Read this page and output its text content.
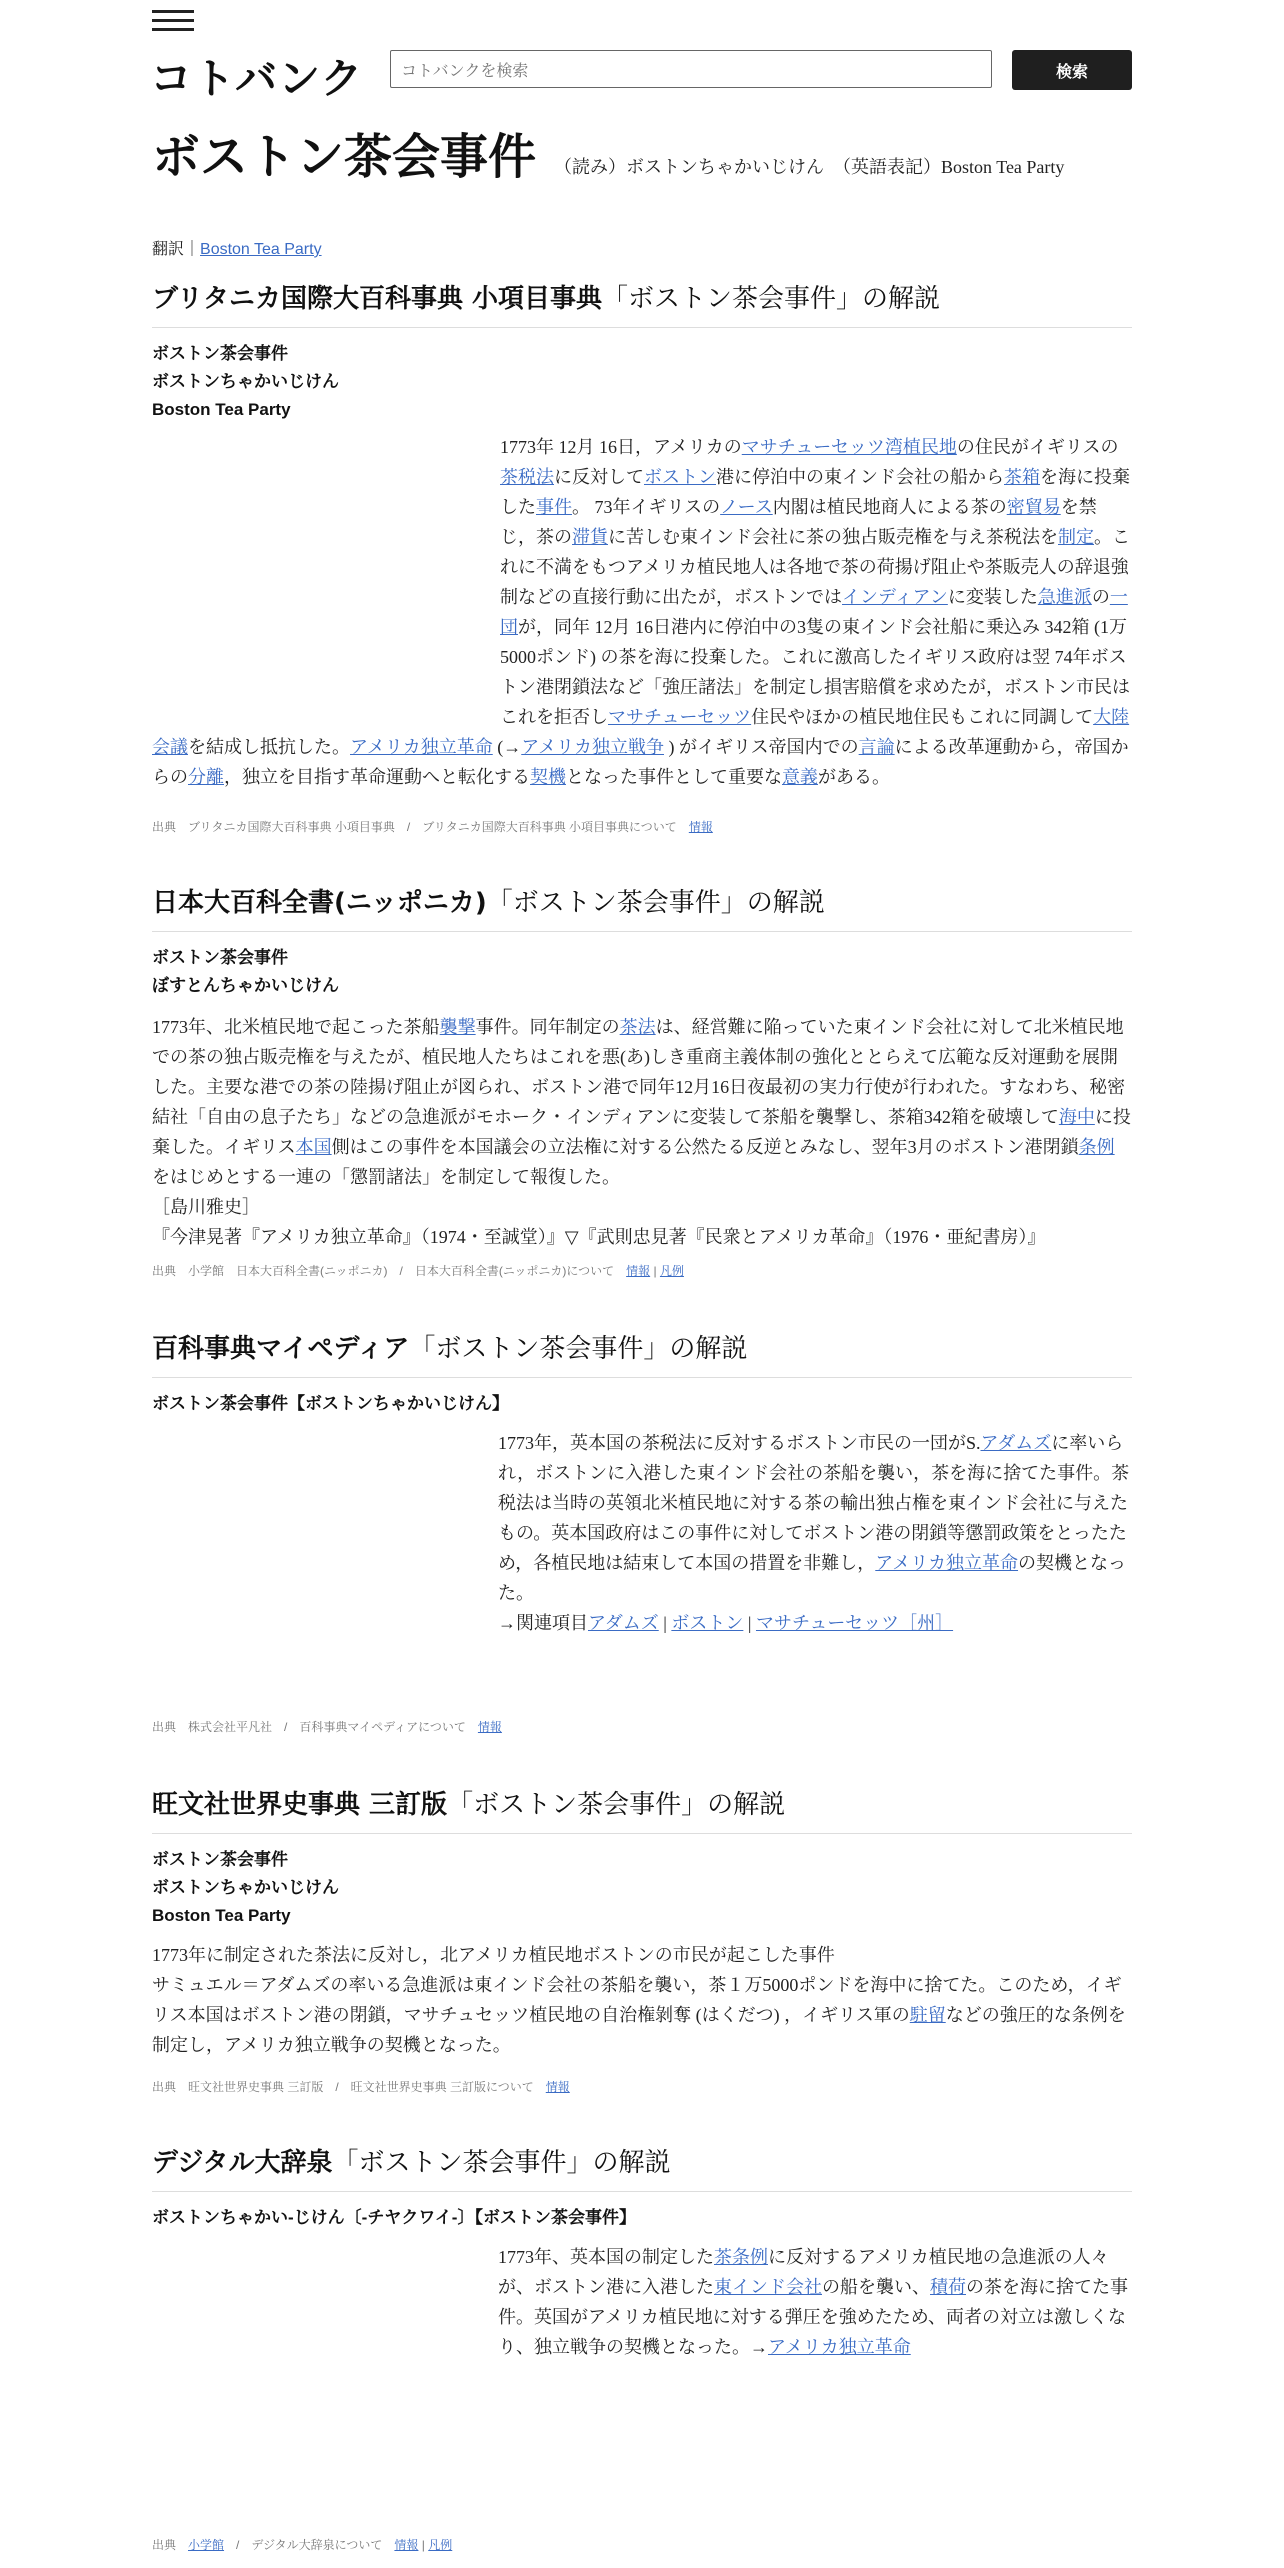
コトバンク	コトバンクを検索	検索
ボストン茶会事件 （読み）ボストンちゃかいじけん　（英語表記）Boston Tea Party
翻訳｜Boston Tea Party
ブリタニカ国際大百科事典 小項目事典「ボストン茶会事件」の解説
ボストン茶会事件
ボストンちゃかいじけん
Boston Tea Party
1773年 12月 16日，アメリカのマサチューセッツ湾植民地の住民がイギリスの茶税法に反対してボストン港に停泊中の東インド会社の船から茶箱を海に投棄した事件。 73年イギリスのノース内閣は植民地商人による茶の密貿易を禁じ，茶の滞貨に苦しむ東インド会社に茶の独占販売権を与え茶税法を制定。これに不満をもつアメリカ植民地人は各地で茶の荷揚げ阻止や茶販売人の辞退強制などの直接行動に出たが，ボストンではインディアンに変装した急進派の一団が，同年 12月 16日港内に停泊中の3隻の東インド会社船に乗込み 342箱 (1万5000ポンド) の茶を海に投棄した。これに激高したイギリス政府は翌 74年ボストン港閉鎖法など「強圧諸法」を制定し損害賠償を求めたが，ボストン市民はこれを拒否しマサチューセッツ住民やほかの植民地住民もこれに同調して大陸会議を結成し抵抗した。アメリカ独立革命 (→アメリカ独立戦争 ) がイギリス帝国内での言論による改革運動から，帝国からの分離，独立を目指す革命運動へと転化する契機となった事件として重要な意義がある。
出典　ブリタニカ国際大百科事典 小項目事典　/　ブリタニカ国際大百科事典 小項目事典について　情報
日本大百科全書(ニッポニカ)「ボストン茶会事件」の解説
ボストン茶会事件
ぼすとんちゃかいじけん
1773年、北米植民地で起こった茶船襲撃事件。同年制定の茶法は、経営難に陥っていた東インド会社に対して北米植民地での茶の独占販売権を与えたが、植民地人たちはこれを悪(あ)しき重商主義体制の強化ととらえて広範な反対運動を展開した。主要な港での茶の陸揚げ阻止が図られ、ボストン港で同年12月16日夜最初の実力行使が行われた。すなわち、秘密結社「自由の息子たち」などの急進派がモホーク・インディアンに変装して茶船を襲撃し、茶箱342箱を破壊して海中に投棄した。イギリス本国側はこの事件を本国議会の立法権に対する公然たる反逆とみなし、翌年3月のボストン港閉鎖条例をはじめとする一連の「懲罰諸法」を制定して報復した。
［島川雅史］
『今津晃著『アメリカ独立革命』（1974・至誠堂）』▽『武則忠見著『民衆とアメリカ革命』（1976・亜紀書房）』
出典　小学館　日本大百科全書(ニッポニカ)　/　日本大百科全書(ニッポニカ)について　情報 | 凡例
百科事典マイペディア「ボストン茶会事件」の解説
ボストン茶会事件【ボストンちゃかいじけん】
1773年，英本国の茶税法に反対するボストン市民の一団がS.アダムズに率いられ，ボストンに入港した東インド会社の茶船を襲い，茶を海に捨てた事件。茶税法は当時の英領北米植民地に対する茶の輸出独占権を東インド会社に与えたもの。英本国政府はこの事件に対してボストン港の閉鎖等懲罰政策をとったため，各植民地は結束して本国の措置を非難し，アメリカ独立革命の契機となった。
→関連項目アダムズ | ボストン | マサチューセッツ［州］
出典　株式会社平凡社　/　百科事典マイペディアについて　情報
旺文社世界史事典 三訂版「ボストン茶会事件」の解説
ボストン茶会事件
ボストンちゃかいじけん
Boston Tea Party
1773年に制定された茶法に反対し，北アメリカ植民地ボストンの市民が起こした事件
サミュエル＝アダムズの率いる急進派は東インド会社の茶船を襲い，茶１万5000ポンドを海中に捨てた。このため，イギリス本国はボストン港の閉鎖，マサチュセッツ植民地の自治権剝奪 (はくだつ) ，イギリス軍の駐留などの強圧的な条例を制定し，アメリカ独立戦争の契機となった。
出典　旺文社世界史事典 三訂版　/　旺文社世界史事典 三訂版について　情報
デジタル大辞泉「ボストン茶会事件」の解説
ボストンちゃかい‐じけん〔‐チヤクワイ‐〕【ボストン茶会事件】
1773年、英本国の制定した茶条例に反対するアメリカ植民地の急進派の人々が、ボストン港に入港した東インド会社の船を襲い、積荷の茶を海に捨てた事件。英国がアメリカ植民地に対する弾圧を強めたため、両者の対立は激しくなり、独立戦争の契機となった。→アメリカ独立革命
出典　小学館　/　デジタル大辞泉について　情報 | 凡例
